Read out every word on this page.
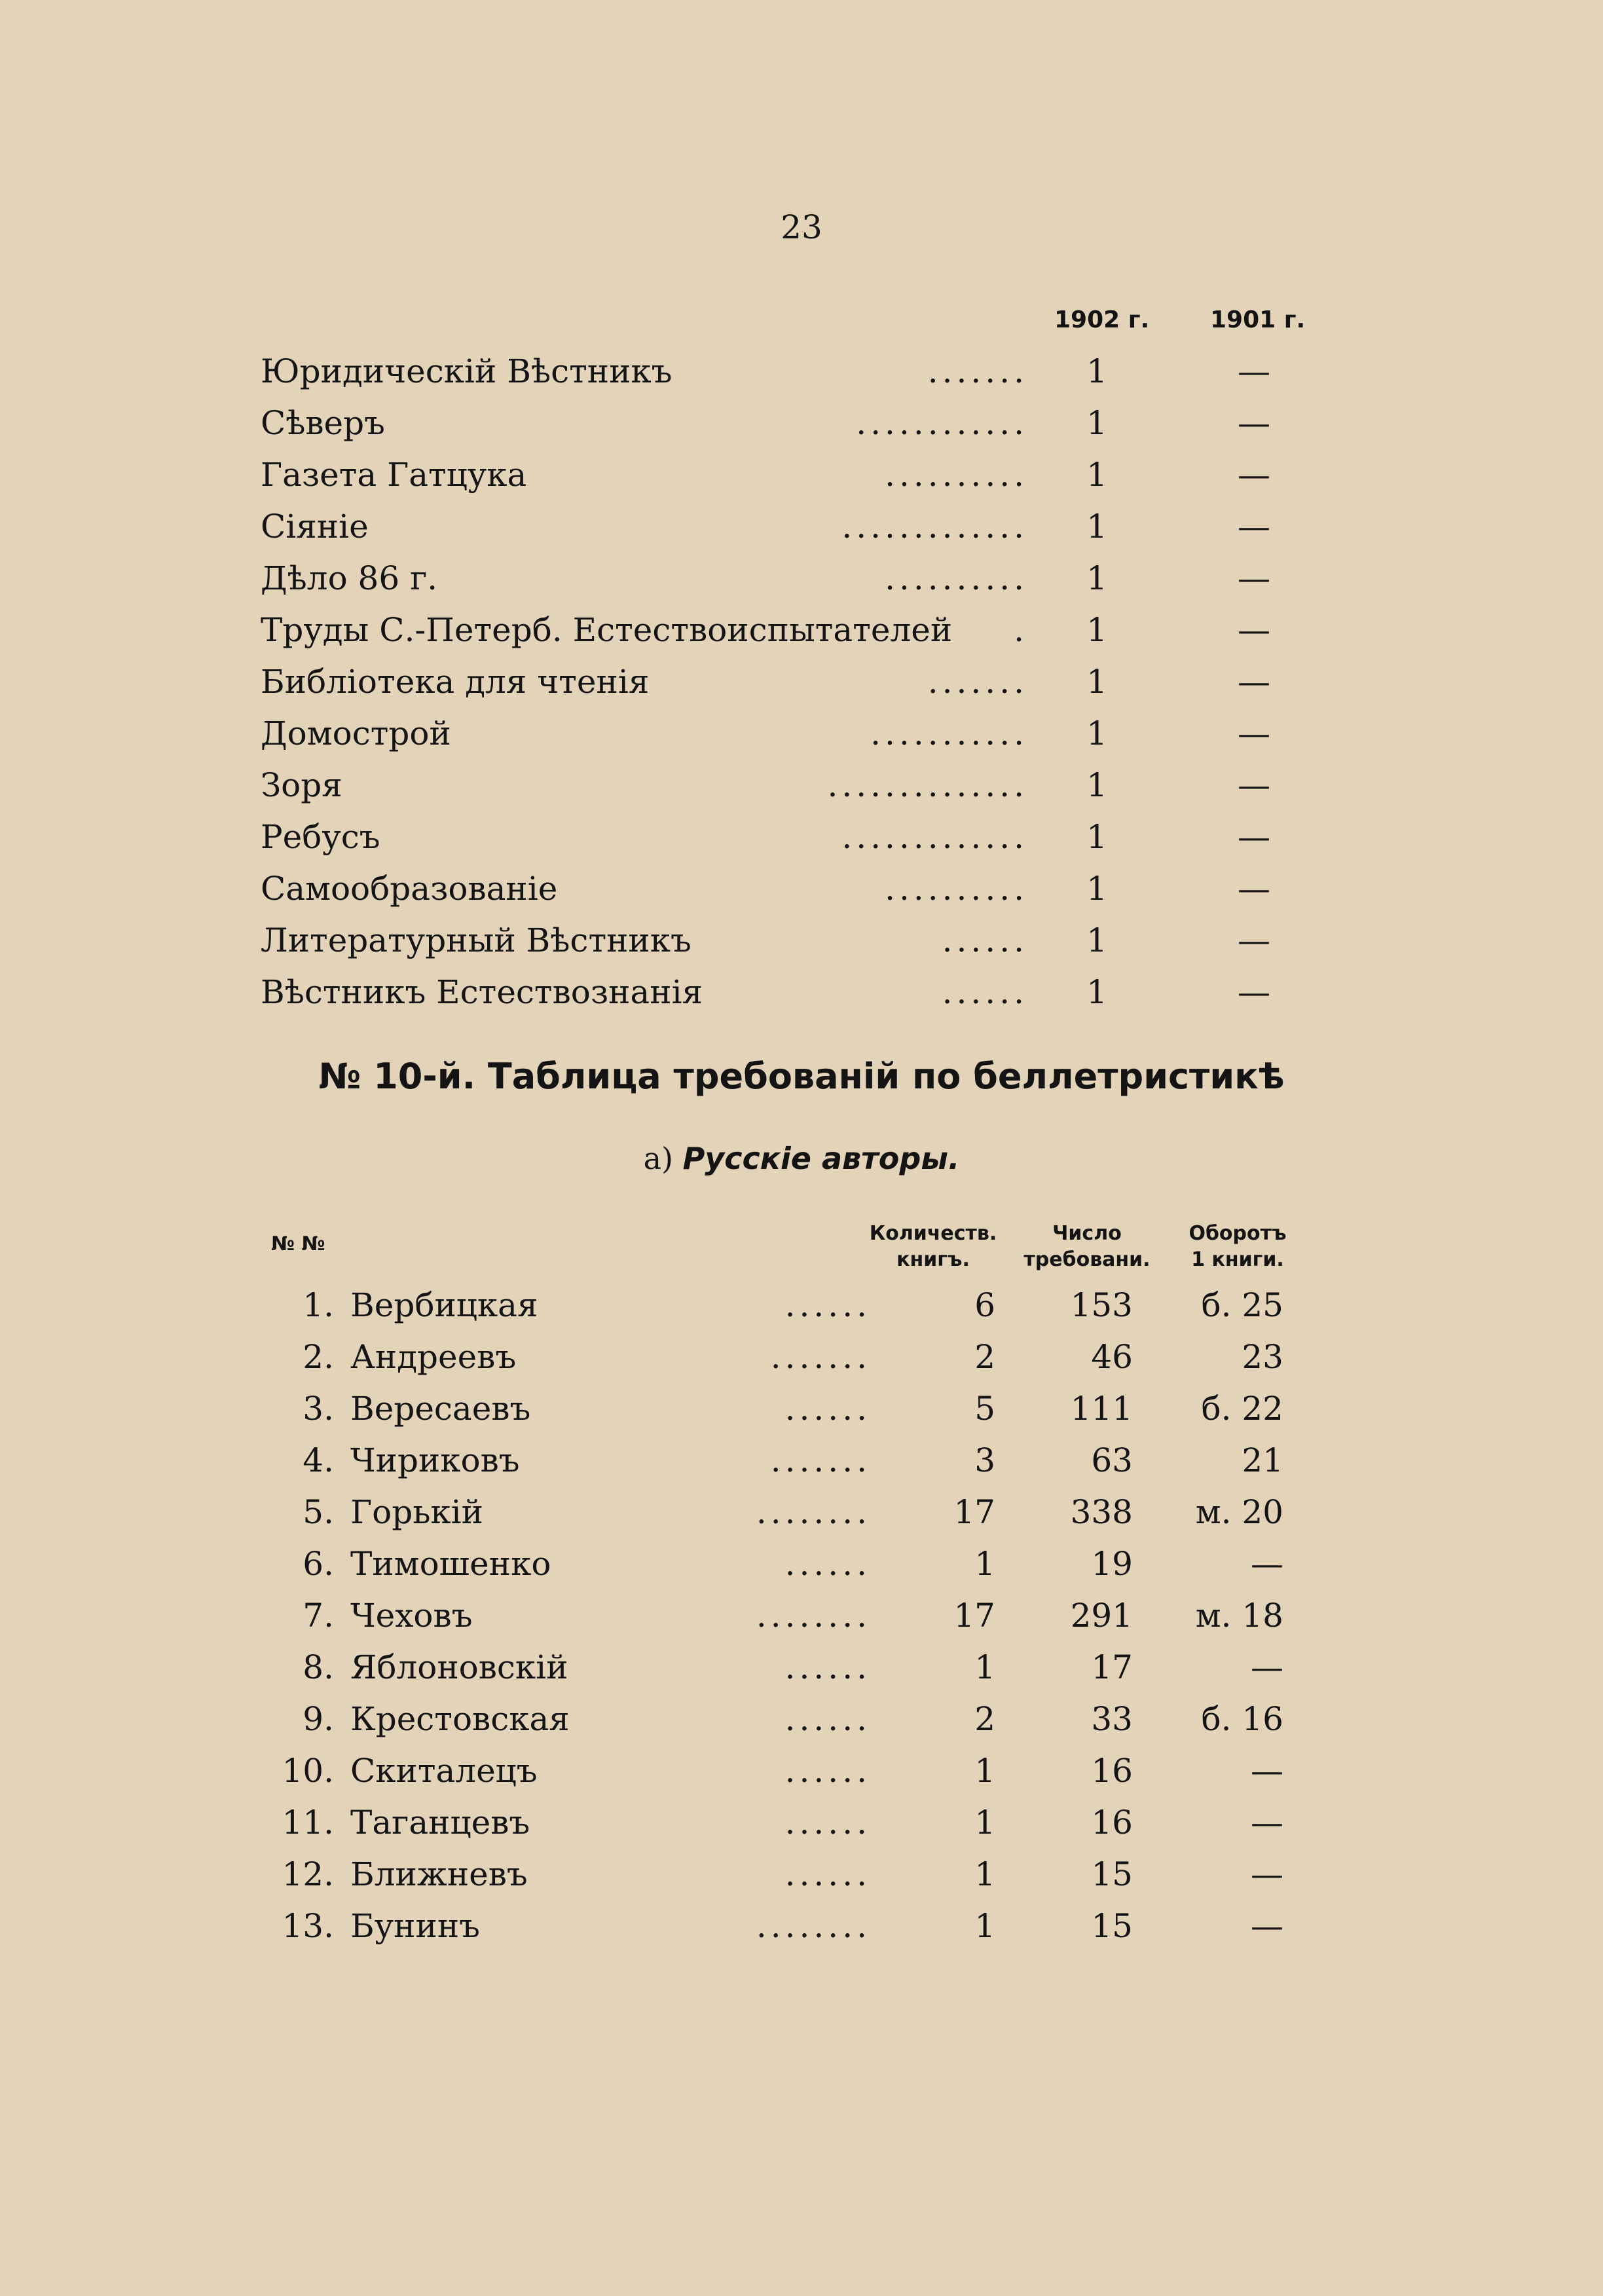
23
1902 г.	1901 г.
Юридическій Вѣстникъ	.......	1	—
Сѣверъ	............	1	—
Газета Гатцука	..........	1	—
Сіяніе	.............	1	—
Дѣло 86 г.	..........	1	—
Труды С.-Петерб. Естествоиспытателей	.	1	—
Библіотека для чтенія	.......	1	—
Домострой	...........	1	—
Зоря	..............	1	—
Ребусъ	.............	1	—
Самообразованіе	..........	1	—
Литературный Вѣстникъ	......	1	—
Вѣстникъ Естествознанія	......	1	—
№ 10-й. Таблица требованій по беллетристикѣ
а) Русскіе авторы.
№ №	Количеств.
книгъ.
Число
требовани.
Оборотъ
1 книги.
1. Вербицкая	......	6	153	б. 25
2. Андреевъ	.......	2	46	23
3. Вересаевъ	......	5	111	б. 22
4. Чириковъ	.......	3	63	21
5. Горькій	........	17	338	м. 20
6. Тимошенко	......	1	19	—
7. Чеховъ	........	17	291	м. 18
8. Яблоновскій	......	1	17	—
9. Крестовская	......	2	33	б. 16
10. Скиталецъ	......	1	16	—
11. Таганцевъ	......	1	16	—
12. Ближневъ	......	1	15	—
13. Бунинъ	........	1	15	—
